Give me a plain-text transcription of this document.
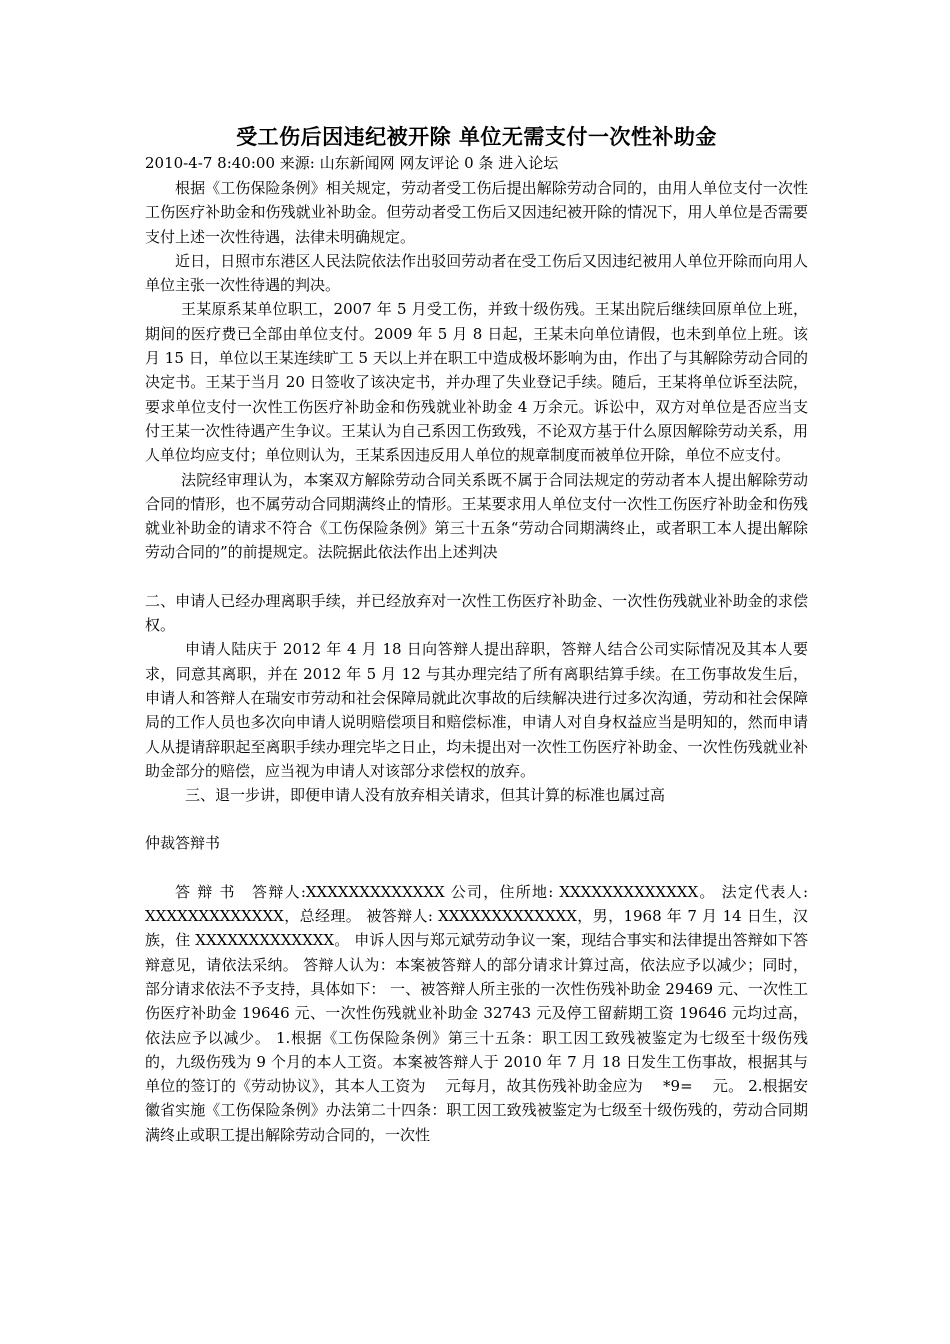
受工伤后因违纪被开除 单位无需支付一次性补助金
2010-4-7 8:40:00 来源: 山东新闻网 网友评论 0 条 进入论坛

根据《工伤保险条例》相关规定，劳动者受工伤后提出解除劳动合同的，由用人单位支付一次性工伤医疗补助金和伤残就业补助金。但劳动者受工伤后又因违纪被开除的情况下，用人单位是否需要支付上述一次性待遇，法律未明确规定。

近日，日照市东港区人民法院依法作出驳回劳动者在受工伤后又因违纪被用人单位开除而向用人单位主张一次性待遇的判决。

王某原系某单位职工，2007 年 5 月受工伤，并致十级伤残。王某出院后继续回原单位上班，期间的医疗费已全部由单位支付。2009 年 5 月 8 日起，王某未向单位请假，也未到单位上班。该月 15 日，单位以王某连续旷工 5 天以上并在职工中造成极坏影响为由，作出了与其解除劳动合同的决定书。王某于当月 20 日签收了该决定书，并办理了失业登记手续。随后，王某将单位诉至法院，要求单位支付一次性工伤医疗补助金和伤残就业补助金 4 万余元。诉讼中，双方对单位是否应当支付王某一次性待遇产生争议。王某认为自己系因工伤致残，不论双方基于什么原因解除劳动关系，用人单位均应支付；单位则认为，王某系因违反用人单位的规章制度而被单位开除，单位不应支付。

法院经审理认为，本案双方解除劳动合同关系既不属于合同法规定的劳动者本人提出解除劳动合同的情形，也不属劳动合同期满终止的情形。王某要求用人单位支付一次性工伤医疗补助金和伤残就业补助金的请求不符合《工伤保险条例》第三十五条“劳动合同期满终止，或者职工本人提出解除劳动合同的”的前提规定。法院据此依法作出上述判决

二、申请人已经办理离职手续，并已经放弃对一次性工伤医疗补助金、一次性伤残就业补助金的求偿权。

申请人陆庆于 2012 年 4 月 18 日向答辩人提出辞职，答辩人结合公司实际情况及其本人要求，同意其离职，并在 2012 年 5 月 12 与其办理完结了所有离职结算手续。在工伤事故发生后，申请人和答辩人在瑞安市劳动和社会保障局就此次事故的后续解决进行过多次沟通，劳动和社会保障局的工作人员也多次向申请人说明赔偿项目和赔偿标准，申请人对自身权益应当是明知的，然而申请人从提请辞职起至离职手续办理完毕之日止，均未提出对一次性工伤医疗补助金、一次性伤残就业补助金部分的赔偿，应当视为申请人对该部分求偿权的放弃。

三、退一步讲，即便申请人没有放弃相关请求，但其计算的标准也属过高

仲裁答辩书

答 辩 书　答辩人:XXXXXXXXXXXXX 公司，住所地: XXXXXXXXXXXXX。 法定代表人: XXXXXXXXXXXXX，总经理。 被答辩人: XXXXXXXXXXXXX，男，1968 年 7 月 14 日生，汉族，住 XXXXXXXXXXXXX。 申诉人因与郑元斌劳动争议一案，现结合事实和法律提出答辩如下答辩意见，请依法采纳。 答辩人认为：本案被答辩人的部分请求计算过高，依法应予以减少；同时，部分请求依法不予支持，具体如下： 一、被答辩人所主张的一次性伤残补助金 29469 元、一次性工伤医疗补助金 19646 元、一次性伤残就业补助金 32743 元及停工留薪期工资 19646 元均过高，依法应予以减少。 1.根据《工伤保险条例》第三十五条：职工因工致残被鉴定为七级至十级伤残的，九级伤残为 9 个月的本人工资。本案被答辩人于 2010 年 7 月 18 日发生工伤事故，根据其与单位的签订的《劳动协议》，其本人工资为　 元每月，故其伤残补助金应为　 *9=　 元。 2.根据安徽省实施《工伤保险条例》办法第二十四条：职工因工致残被鉴定为七级至十级伤残的，劳动合同期满终止或职工提出解除劳动合同的，一次性
